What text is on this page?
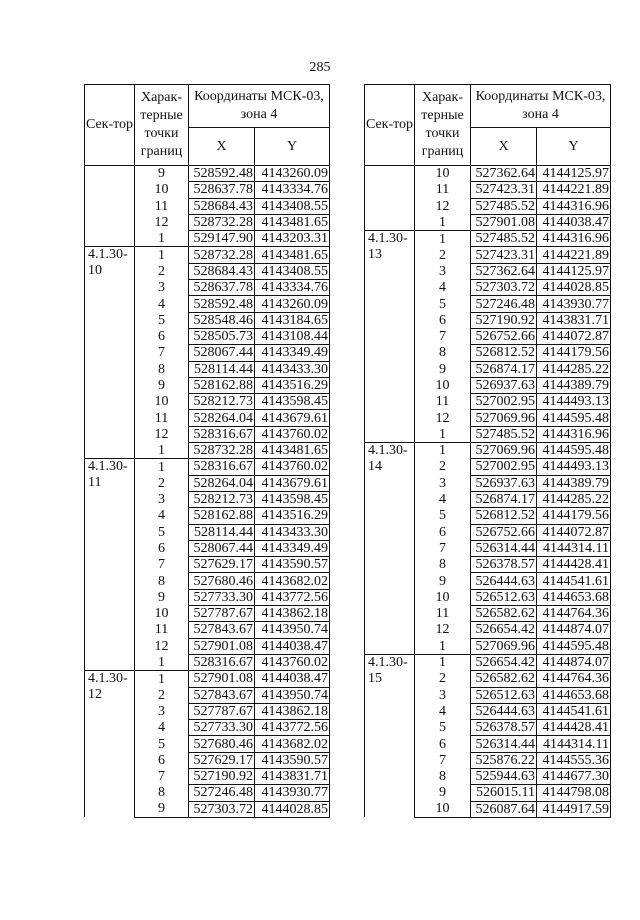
285
Сек-тор	Харак-терные точки границ	Координаты МСК-03, зона 4	
		X	Y
	9	528592.48	4143260.09
	10	528637.78	4143334.76
	11	528684.43	4143408.55
	12	528732.28	4143481.65
	1	529147.90	4143203.31
4.1.30-10	1	528732.28	4143481.65
	2	528684.43	4143408.55
	3	528637.78	4143334.76
	4	528592.48	4143260.09
	5	528548.46	4143184.65
	6	528505.73	4143108.44
	7	528067.44	4143349.49
	8	528114.44	4143433.30
	9	528162.88	4143516.29
	10	528212.73	4143598.45
	11	528264.04	4143679.61
	12	528316.67	4143760.02
	1	528732.28	4143481.65
4.1.30-11	1	528316.67	4143760.02
	2	528264.04	4143679.61
	3	528212.73	4143598.45
	4	528162.88	4143516.29
	5	528114.44	4143433.30
	6	528067.44	4143349.49
	7	527629.17	4143590.57
	8	527680.46	4143682.02
	9	527733.30	4143772.56
	10	527787.67	4143862.18
	11	527843.67	4143950.74
	12	527901.08	4144038.47
	1	528316.67	4143760.02
4.1.30-12	1	527901.08	4144038.47
	2	527843.67	4143950.74
	3	527787.67	4143862.18
	4	527733.30	4143772.56
	5	527680.46	4143682.02
	6	527629.17	4143590.57
	7	527190.92	4143831.71
	8	527246.48	4143930.77
	9	527303.72	4144028.85
Сек-тор	Харак-терные точки границ	Координаты МСК-03, зона 4	
		X	Y
	10	527362.64	4144125.97
	11	527423.31	4144221.89
	12	527485.52	4144316.96
	1	527901.08	4144038.47
4.1.30-13	1	527485.52	4144316.96
	2	527423.31	4144221.89
	3	527362.64	4144125.97
	4	527303.72	4144028.85
	5	527246.48	4143930.77
	6	527190.92	4143831.71
	7	526752.66	4144072.87
	8	526812.52	4144179.56
	9	526874.17	4144285.22
	10	526937.63	4144389.79
	11	527002.95	4144493.13
	12	527069.96	4144595.48
	1	527485.52	4144316.96
4.1.30-14	1	527069.96	4144595.48
	2	527002.95	4144493.13
	3	526937.63	4144389.79
	4	526874.17	4144285.22
	5	526812.52	4144179.56
	6	526752.66	4144072.87
	7	526314.44	4144314.11
	8	526378.57	4144428.41
	9	526444.63	4144541.61
	10	526512.63	4144653.68
	11	526582.62	4144764.36
	12	526654.42	4144874.07
	1	527069.96	4144595.48
4.1.30-15	1	526654.42	4144874.07
	2	526582.62	4144764.36
	3	526512.63	4144653.68
	4	526444.63	4144541.61
	5	526378.57	4144428.41
	6	526314.44	4144314.11
	7	525876.22	4144555.36
	8	525944.63	4144677.30
	9	526015.11	4144798.08
	10	526087.64	4144917.59
